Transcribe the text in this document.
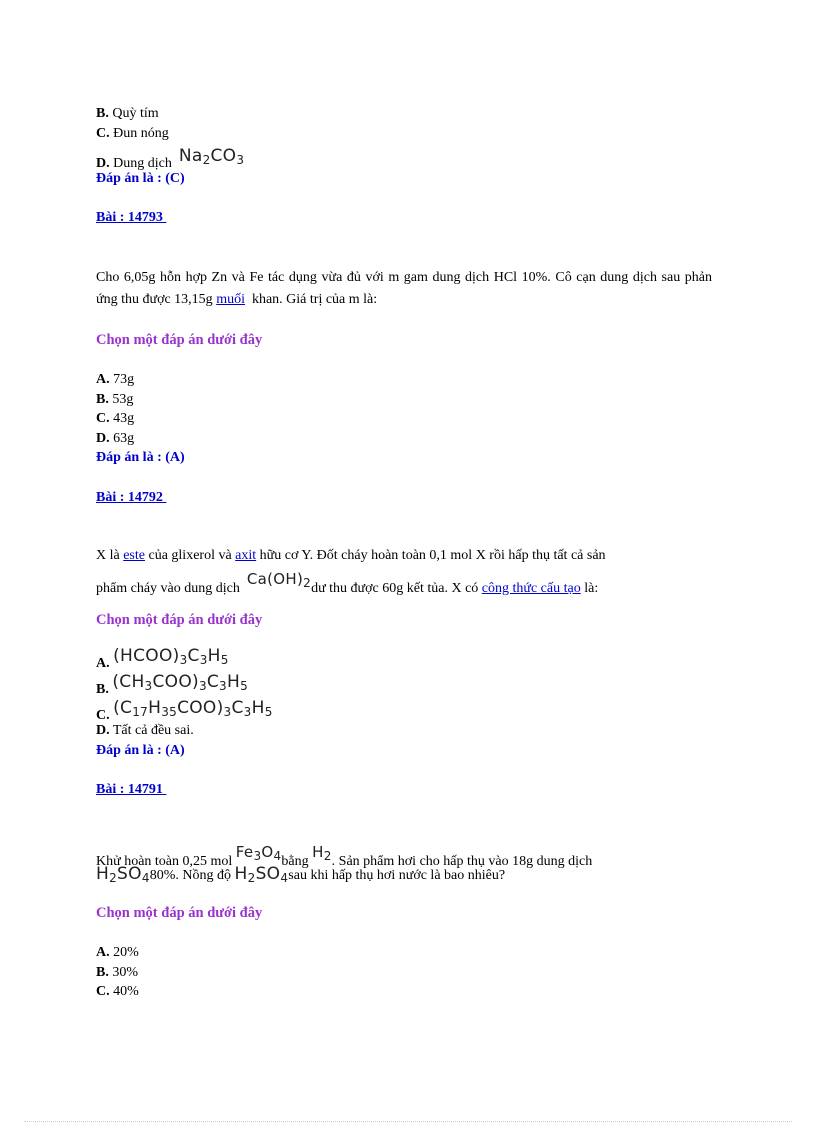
B. Quỳ tím
C. Đun nóng
D. Dung dịch $Na_2CO_3$
Đáp án là : (C)
Bài : 14793
Cho 6,05g hỗn hợp Zn và Fe tác dụng vừa đủ với m gam dung dịch HCl 10%. Cô cạn dung dịch sau phản ứng thu được 13,15g muối khan. Giá trị của m là:
Chọn một đáp án dưới đây
A. 73g
B. 53g
C. 43g
D. 63g
Đáp án là : (A)
Bài : 14792
X là este của glixerol và axit hữu cơ Y. Đốt cháy hoàn toàn 0,1 mol X rồi hấp thụ tất cả sản
phẩm cháy vào dung dịch  $Ca(OH)_2dư$ thu được 60g kết tủa. X có công thức cấu tạo là:
Chọn một đáp án dưới đây
A. $(HCOO)_3C_3H_5$
B. $(CH_3COO)_3C_3H_5$
C. $(C_{17}H_{35}COO)_3C_3H_5$
D. Tất cả đều sai.
Đáp án là : (A)
Bài : 14791
Khử hoàn toàn 0,25 mol $Fe_3O_4bằng$ $H_2$. Sản phẩm hơi cho hấp thụ vào 18g dung dịch
$H_2SO_480\%$. Nồng độ $H_2SO_4sau$ khi hấp thụ hơi nước là bao nhiêu?
Chọn một đáp án dưới đây
A. 20%
B. 30%
C. 40%
